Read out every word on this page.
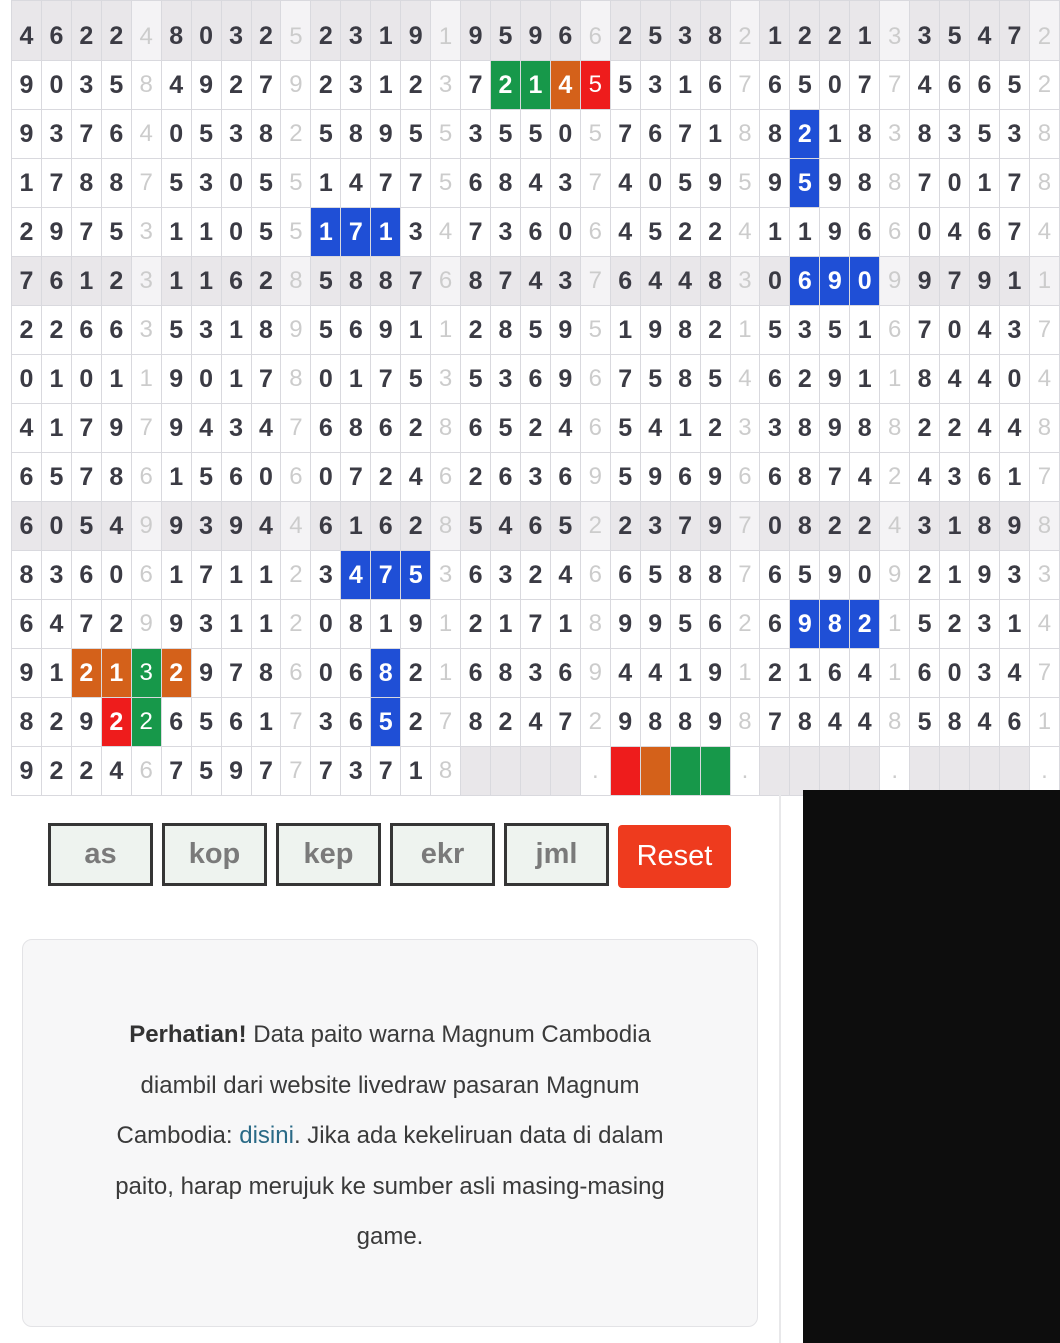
4	6	2	2	4	8	0	3	2	5	2	3	1	9	1	9	5	9	6	6	2	5	3	8	2	1	2	2	1	3	3	5	4	7	2
9	0	3	5	8	4	9	2	7	9	2	3	1	2	3	7	2	1	4	5	5	3	1	6	7	6	5	0	7	7	4	6	6	5	2
9	3	7	6	4	0	5	3	8	2	5	8	9	5	5	3	5	5	0	5	7	6	7	1	8	8	2	1	8	3	8	3	5	3	8
1	7	8	8	7	5	3	0	5	5	1	4	7	7	5	6	8	4	3	7	4	0	5	9	5	9	5	9	8	8	7	0	1	7	8
2	9	7	5	3	1	1	0	5	5	1	7	1	3	4	7	3	6	0	6	4	5	2	2	4	1	1	9	6	6	0	4	6	7	4
7	6	1	2	3	1	1	6	2	8	5	8	8	7	6	8	7	4	3	7	6	4	4	8	3	0	6	9	0	9	9	7	9	1	1
2	2	6	6	3	5	3	1	8	9	5	6	9	1	1	2	8	5	9	5	1	9	8	2	1	5	3	5	1	6	7	0	4	3	7
0	1	0	1	1	9	0	1	7	8	0	1	7	5	3	5	3	6	9	6	7	5	8	5	4	6	2	9	1	1	8	4	4	0	4
4	1	7	9	7	9	4	3	4	7	6	8	6	2	8	6	5	2	4	6	5	4	1	2	3	3	8	9	8	8	2	2	4	4	8
6	5	7	8	6	1	5	6	0	6	0	7	2	4	6	2	6	3	6	9	5	9	6	9	6	6	8	7	4	2	4	3	6	1	7
6	0	5	4	9	9	3	9	4	4	6	1	6	2	8	5	4	6	5	2	2	3	7	9	7	0	8	2	2	4	3	1	8	9	8
8	3	6	0	6	1	7	1	1	2	3	4	7	5	3	6	3	2	4	6	6	5	8	8	7	6	5	9	0	9	2	1	9	3	3
6	4	7	2	9	9	3	1	1	2	0	8	1	9	1	2	1	7	1	8	9	9	5	6	2	6	9	8	2	1	5	2	3	1	4
9	1	2	1	3	2	9	7	8	6	0	6	8	2	1	6	8	3	6	9	4	4	1	9	1	2	1	6	4	1	6	0	3	4	7
8	2	9	2	2	6	5	6	1	7	3	6	5	2	7	8	2	4	7	2	9	8	8	9	8	7	8	4	4	8	5	8	4	6	1
9	2	2	4	6	7	5	9	7	7	7	3	7	1	8					.					.					.					.
as	kop	kep	ekr	jml	Reset
Perhatian! Data paito warna Magnum Cambodia diambil dari website livedraw pasaran Magnum Cambodia: disini. Jika ada kekeliruan data di dalam paito, harap merujuk ke sumber asli masing-masing game.
